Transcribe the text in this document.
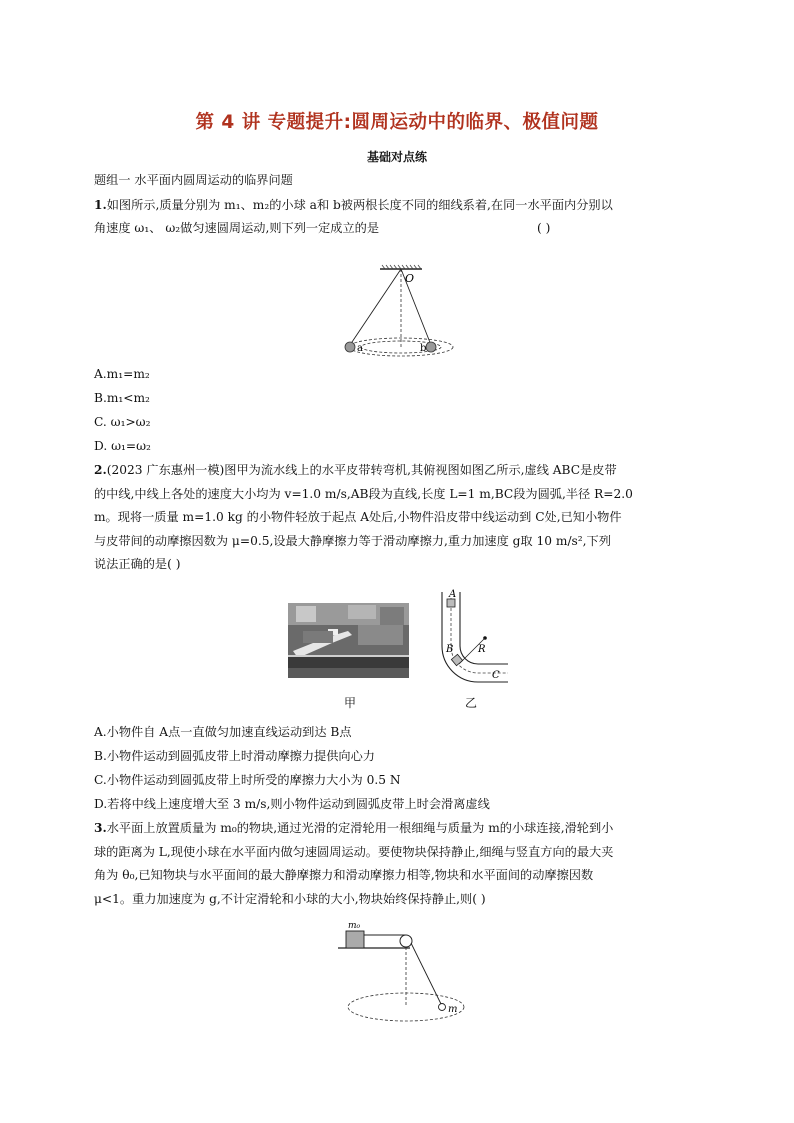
第 4 讲 专题提升:圆周运动中的临界、极值问题
基础对点练
题组一 水平面内圆周运动的临界问题
1.如图所示,质量分别为 m₁、m₂的小球 a和 b被两根长度不同的细线系着,在同一水平面内分别以
角速度 ω₁、 ω₂做匀速圆周运动,则下列一定成立的是	( )
O
a	b
A.m₁=m₂
B.m₁<m₂
C. ω₁>ω₂
D. ω₁=ω₂
2.(2023 广东惠州一模)图甲为流水线上的水平皮带转弯机,其俯视图如图乙所示,虚线 ABC是皮带
的中线,中线上各处的速度大小均为 v=1.0 m/s,AB段为直线,长度 L=1 m,BC段为圆弧,半径 R=2.0
m。现将一质量 m=1.0 kg 的小物件轻放于起点 A处后,小物件沿皮带中线运动到 C处,已知小物件
与皮带间的动摩擦因数为 μ=0.5,设最大静摩擦力等于滑动摩擦力,重力加速度 g取 10 m/s²,下列
说法正确的是( )
甲
A
B R
C
乙
A.小物件自 A点一直做匀加速直线运动到达 B点
B.小物件运动到圆弧皮带上时滑动摩擦力提供向心力
C.小物件运动到圆弧皮带上时所受的摩擦力大小为 0.5 N
D.若将中线上速度增大至 3 m/s,则小物件运动到圆弧皮带上时会滑离虚线
3.水平面上放置质量为 m₀的物块,通过光滑的定滑轮用一根细绳与质量为 m的小球连接,滑轮到小
球的距离为 L,现使小球在水平面内做匀速圆周运动。要使物块保持静止,细绳与竖直方向的最大夹
角为 θ₀,已知物块与水平面间的最大静摩擦力和滑动摩擦力相等,物块和水平面间的动摩擦因数
μ<1。重力加速度为 g,不计定滑轮和小球的大小,物块始终保持静止,则( )
m₀
m
